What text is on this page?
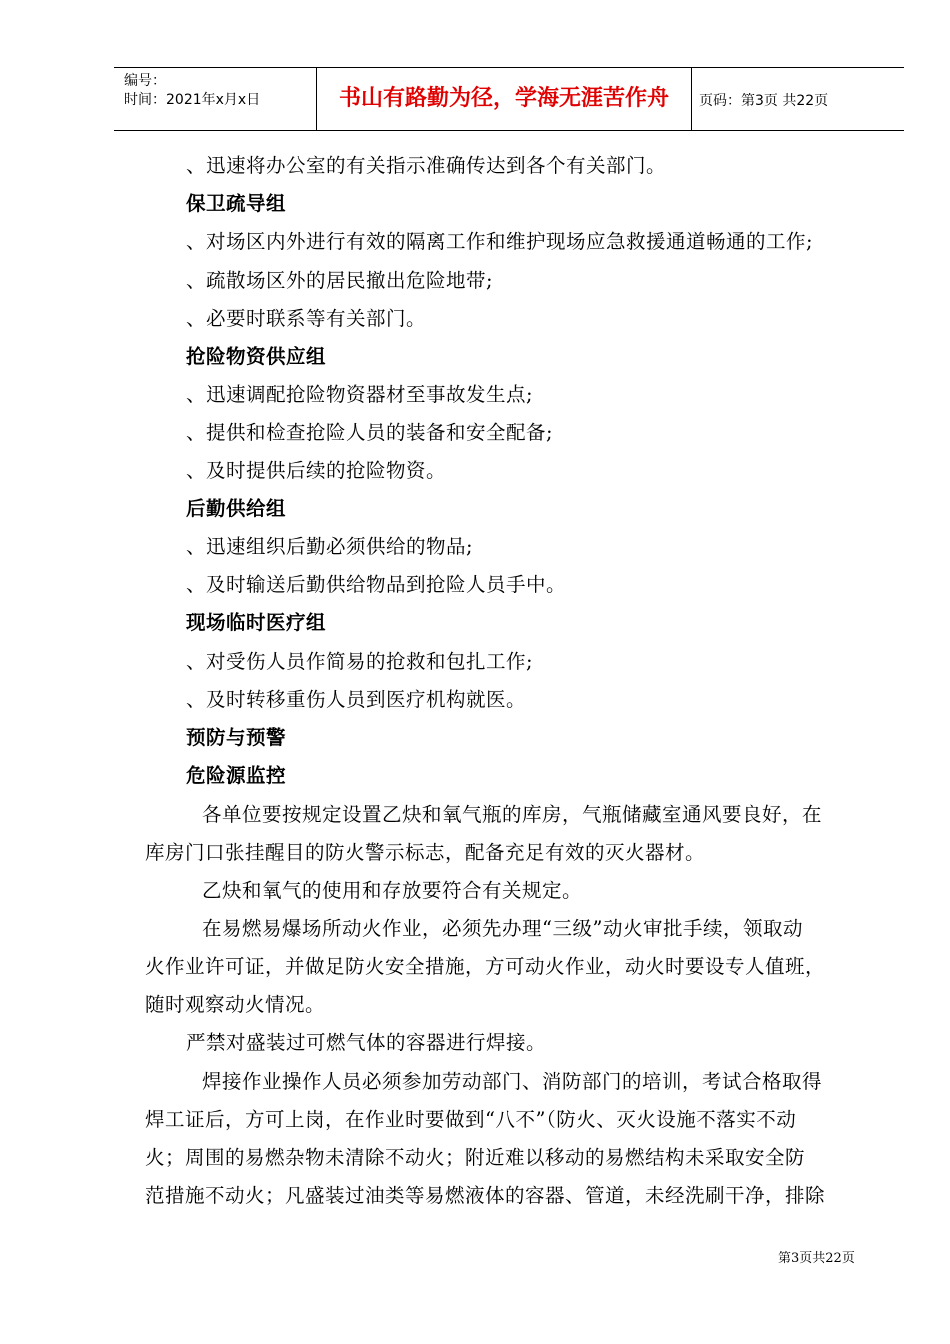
编号：
时间：2021年x月x日	书山有路勤为径，学海无涯苦作舟	页码：第3页 共22页
、迅速将办公室的有关指示准确传达到各个有关部门。
保卫疏导组
、对场区内外进行有效的隔离工作和维护现场应急救援通道畅通的工作;
、疏散场区外的居民撤出危险地带;
、必要时联系等有关部门。
抢险物资供应组
、迅速调配抢险物资器材至事故发生点;
、提供和检查抢险人员的装备和安全配备;
、及时提供后续的抢险物资。
后勤供给组
、迅速组织后勤必须供给的物品;
、及时输送后勤供给物品到抢险人员手中。
现场临时医疗组
、对受伤人员作简易的抢救和包扎工作;
、及时转移重伤人员到医疗机构就医。
预防与预警
危险源监控
各单位要按规定设置乙炔和氧气瓶的库房，气瓶储藏室通风要良好，在
库房门口张挂醒目的防火警示标志，配备充足有效的灭火器材。
乙炔和氧气的使用和存放要符合有关规定。
在易燃易爆场所动火作业，必须先办理“三级”动火审批手续，领取动
火作业许可证，并做足防火安全措施，方可动火作业，动火时要设专人值班，
随时观察动火情况。
严禁对盛装过可燃气体的容器进行焊接。
焊接作业操作人员必须参加劳动部门、消防部门的培训，考试合格取得
焊工证后，方可上岗，在作业时要做到“八不”（防火、灭火设施不落实不动
火；周围的易燃杂物未清除不动火；附近难以移动的易燃结构未采取安全防
范措施不动火；凡盛装过油类等易燃液体的容器、管道，未经洗刷干净，排除
第3页共22页
